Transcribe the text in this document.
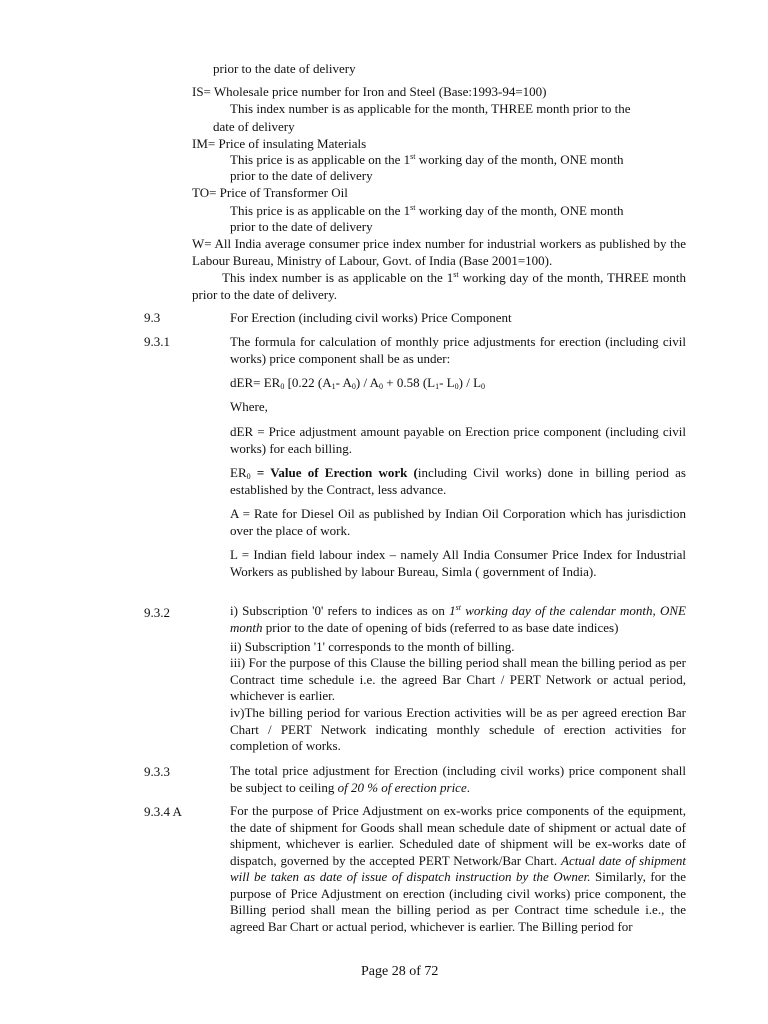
prior to the date of delivery
IS= Wholesale price number for Iron and Steel (Base:1993-94=100)
This index number is as applicable for the month, THREE month prior to the
date of delivery
IM= Price of insulating Materials
This price is as applicable on the 1st working day of the month, ONE month
prior to the date of delivery
TO= Price of Transformer Oil
This price is as applicable on the 1st working day of the month, ONE month
prior to the date of delivery
W= All India average consumer price index number for industrial workers as published by the Labour Bureau, Ministry of Labour, Govt. of India (Base 2001=100).
This index number is as applicable on the 1st working day of the month, THREE month prior to the date of delivery.
9.3	For Erection (including civil works) Price Component
9.3.1	The formula for calculation of monthly price adjustments for erection (including civil works) price component shall be as under:
$dER= ER_0$ [0.22 ($A_1-$ $A_0) / A_0 + 0.58$ ($L_1-$ $L_0) / L_0$
Where,
dER = Price adjustment amount payable on Erection price component (including civil works) for each billing.
$ER_0$ = Value of Erection work (including Civil works) done in billing period as established by the Contract, less advance.
A = Rate for Diesel Oil as published by Indian Oil Corporation which has jurisdiction over the place of work.
L = Indian field labour index – namely All India Consumer Price Index for Industrial Workers as published by labour Bureau, Simla ( government of India).
9.3.2	i) Subscription '0' refers to indices as on 1st working day of the calendar month, ONE month prior to the date of opening of bids (referred to as base date indices)
ii) Subscription '1' corresponds to the month of billing.
iii) For the purpose of this Clause the billing period shall mean the billing period as per Contract time schedule i.e. the agreed Bar Chart / PERT Network or actual period, whichever is earlier.
iv)The billing period for various Erection activities will be as per agreed erection Bar Chart / PERT Network indicating monthly schedule of erection activities for completion of works.
9.3.3	The total price adjustment for Erection (including civil works) price component shall be subject to ceiling of 20 % of erection price.
9.3.4 A	For the purpose of Price Adjustment on ex-works price components of the equipment, the date of shipment for Goods shall mean schedule date of shipment or actual date of shipment, whichever is earlier. Scheduled date of shipment will be ex-works date of dispatch, governed by the accepted PERT Network/Bar Chart. Actual date of shipment will be taken as date of issue of dispatch instruction by the Owner. Similarly, for the purpose of Price Adjustment on erection (including civil works) price component, the Billing period shall mean the billing period as per Contract time schedule i.e., the agreed Bar Chart or actual period, whichever is earlier. The Billing period for
Page 28 of 72
